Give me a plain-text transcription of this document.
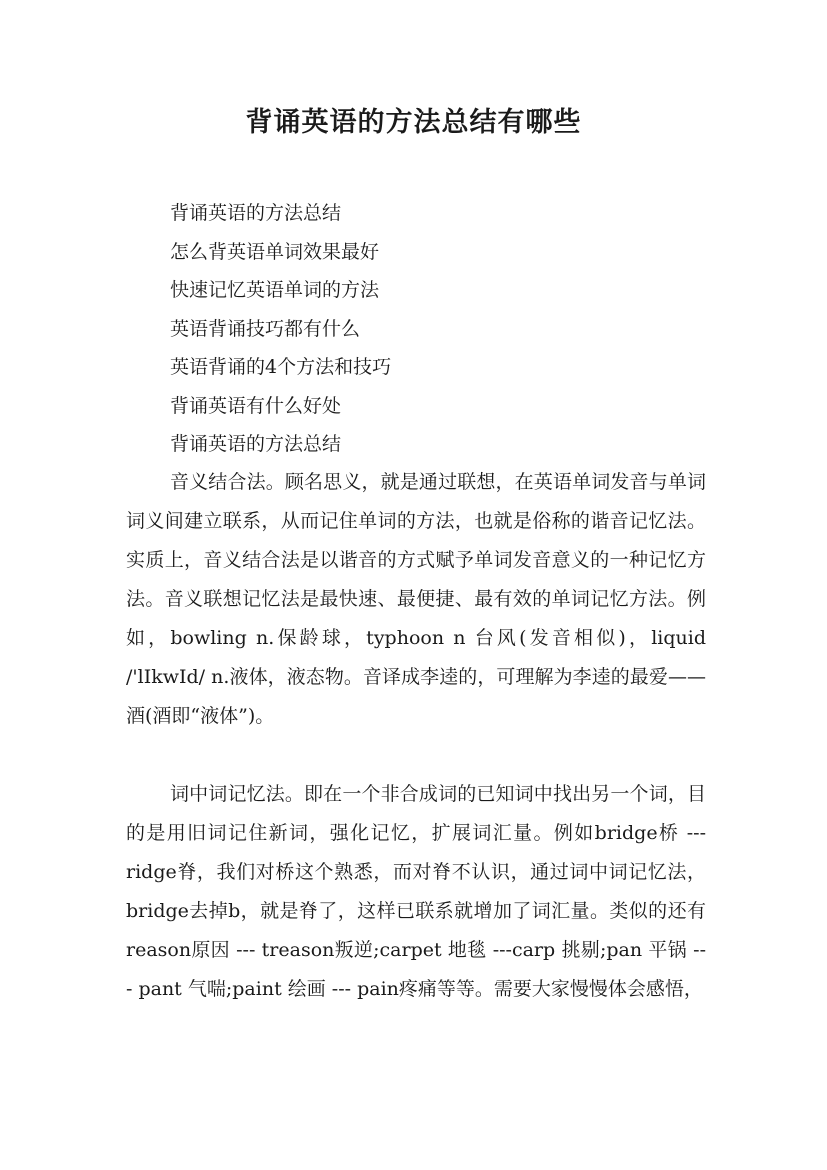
背诵英语的方法总结有哪些
背诵英语的方法总结
怎么背英语单词效果最好
快速记忆英语单词的方法
英语背诵技巧都有什么
英语背诵的4个方法和技巧
背诵英语有什么好处
背诵英语的方法总结

音义结合法。顾名思义，就是通过联想，在英语单词发音与单词词义间建立联系，从而记住单词的方法，也就是俗称的谐音记忆法。实质上，音义结合法是以谐音的方式赋予单词发音意义的一种记忆方法。音义联想记忆法是最快速、最便捷、最有效的单词记忆方法。例如，bowling n.保龄球，typhoon n 台风(发音相似)，liquid /'lIkwId/ n.液体，液态物。音译成李逵的，可理解为李逵的最爱——酒(酒即“液体”)。

词中词记忆法。即在一个非合成词的已知词中找出另一个词，目的是用旧词记住新词，强化记忆，扩展词汇量。例如bridge桥 ---ridge脊，我们对桥这个熟悉，而对脊不认识，通过词中词记忆法，bridge去掉b，就是脊了，这样已联系就增加了词汇量。类似的还有reason原因 --- treason叛逆;carpet 地毯 ---carp 挑剔;pan 平锅 --- pant 气喘;paint 绘画 --- pain疼痛等等。需要大家慢慢体会感悟，
